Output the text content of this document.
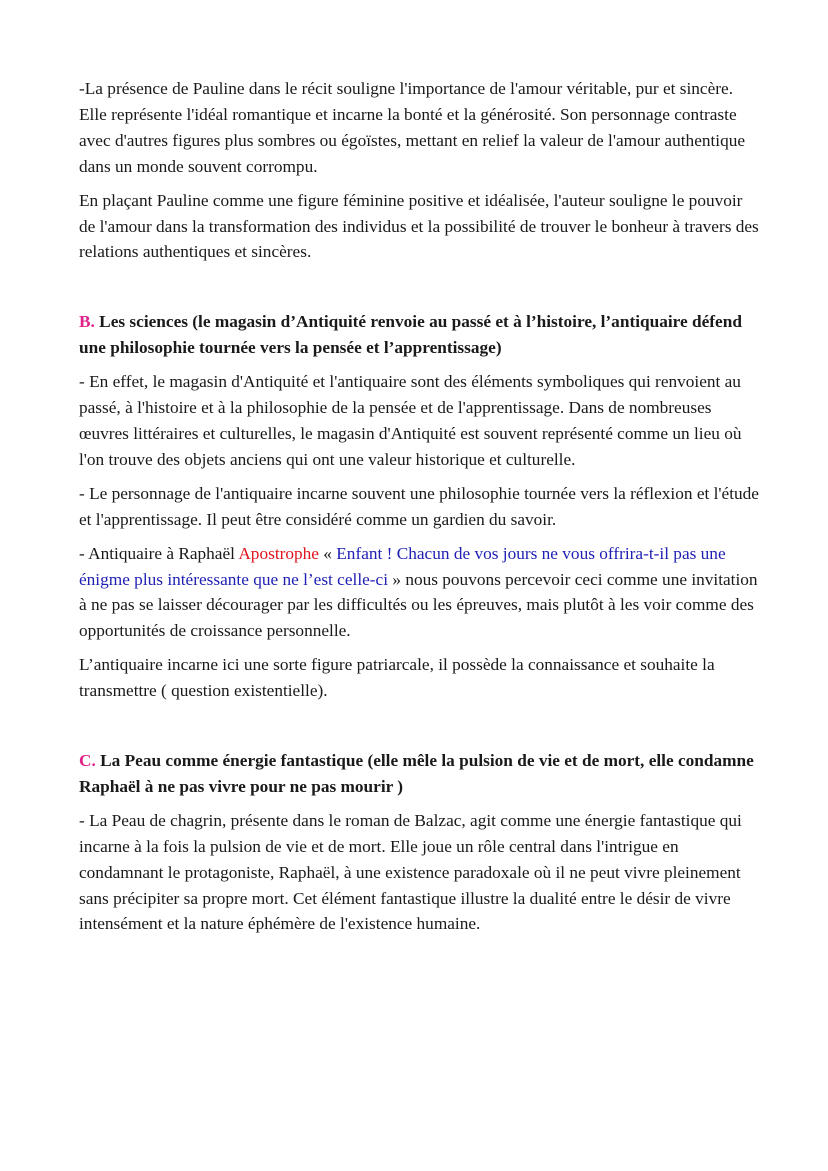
-La présence de Pauline dans le récit souligne l'importance de l'amour véritable, pur et sincère. Elle représente l'idéal romantique et incarne la bonté et la générosité. Son personnage contraste avec d'autres figures plus sombres ou égoïstes, mettant en relief la valeur de l'amour authentique dans un monde souvent corrompu.

En plaçant Pauline comme une figure féminine positive et idéalisée, l'auteur souligne le pouvoir de l'amour dans la transformation des individus et la possibilité de trouver le bonheur à travers des relations authentiques et sincères.

B. Les sciences (le magasin d’Antiquité renvoie au passé et à l’histoire, l’antiquaire défend une philosophie tournée vers la pensée et l’apprentissage)

- En effet, le magasin d'Antiquité et l'antiquaire sont des éléments symboliques qui renvoient au passé, à l'histoire et à la philosophie de la pensée et de l'apprentissage. Dans de nombreuses œuvres littéraires et culturelles, le magasin d'Antiquité est souvent représenté comme un lieu où l'on trouve des objets anciens qui ont une valeur historique et culturelle.

- Le personnage de l'antiquaire incarne souvent une philosophie tournée vers la réflexion et l'étude et l'apprentissage. Il peut être considéré comme un gardien du savoir.

- Antiquaire à Raphaël Apostrophe « Enfant ! Chacun de vos jours ne vous offrira-t-il pas une énigme plus intéressante que ne l’est celle-ci » nous pouvons percevoir ceci comme une invitation à ne pas se laisser décourager par les difficultés ou les épreuves, mais plutôt à les voir comme des opportunités de croissance personnelle.

L’antiquaire incarne ici une sorte figure patriarcale, il possède la connaissance et souhaite la transmettre ( question existentielle).

C. La Peau comme énergie fantastique (elle mêle la pulsion de vie et de mort, elle condamne Raphaël à ne pas vivre pour ne pas mourir )

- La Peau de chagrin, présente dans le roman de Balzac, agit comme une énergie fantastique qui incarne à la fois la pulsion de vie et de mort. Elle joue un rôle central dans l'intrigue en condamnant le protagoniste, Raphaël, à une existence paradoxale où il ne peut vivre pleinement sans précipiter sa propre mort. Cet élément fantastique illustre la dualité entre le désir de vivre intensément et la nature éphémère de l'existence humaine.
